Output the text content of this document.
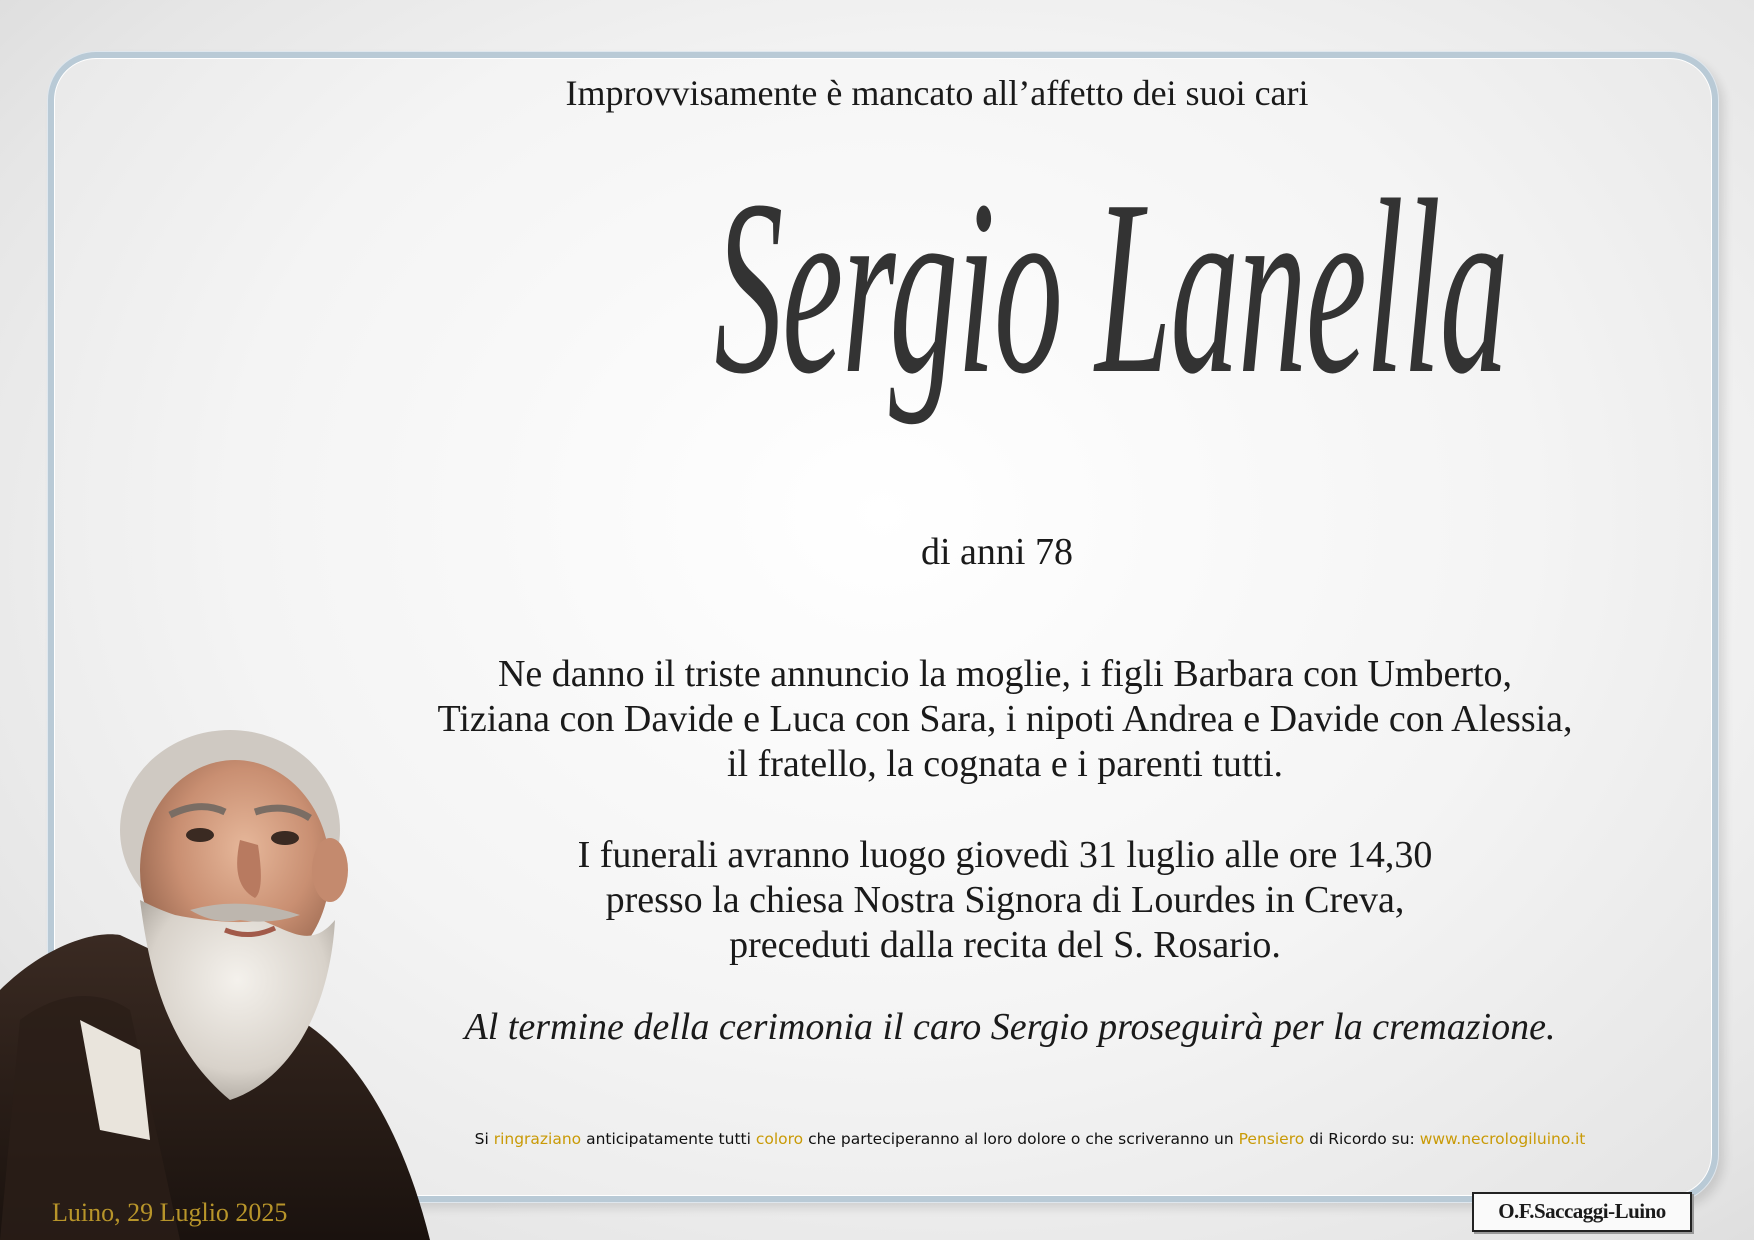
Improvvisamente è mancato all’affetto dei suoi cari
Sergio Lanella
di anni 78
Ne danno il triste annuncio la moglie, i figli Barbara con Umberto,
Tiziana con Davide e Luca con Sara, i nipoti Andrea e Davide con Alessia,
il fratello, la cognata e i parenti tutti.
I funerali avranno luogo giovedì 31 luglio alle ore 14,30
presso la chiesa Nostra Signora di Lourdes in Creva,
preceduti dalla recita del S. Rosario.
Al termine della cerimonia il caro Sergio proseguirà per la cremazione.
Si ringraziano anticipatamente tutti coloro che parteciperanno al loro dolore o che scriveranno un Pensiero di Ricordo su: www.necrologiluino.it
Luino, 29 Luglio 2025	O.F.Saccaggi-Luino
